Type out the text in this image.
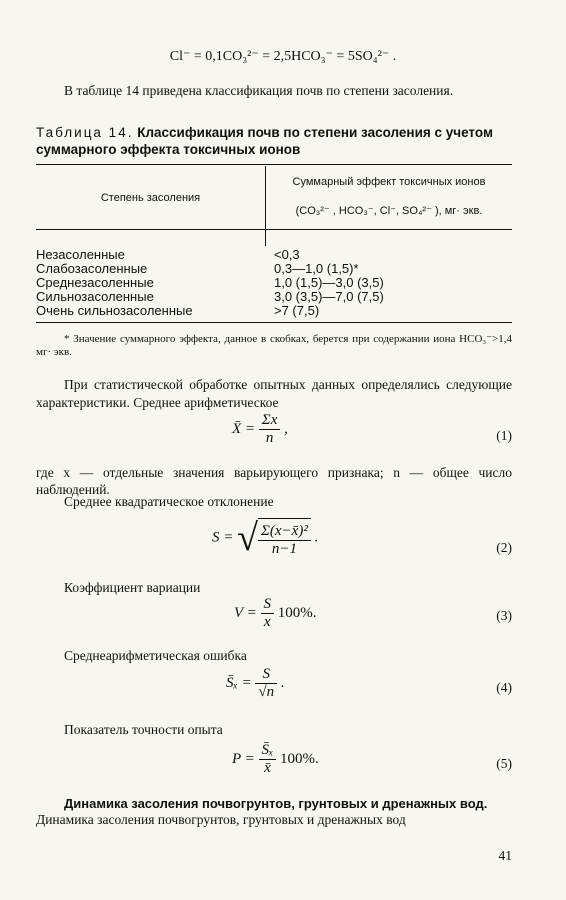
Cl⁻ = 0,1CO₃²⁻ = 2,5HCO₃⁻ = 5SO₄²⁻ .
В таблице 14 приведена классификация почв по степени засоления.
Таблица 14. Классификация почв по степени засоления с учетом суммарного эффекта токсичных ионов
Степень засоления
Суммарный эффект токсичных ионов
(CO₃²⁻ , HCO₃⁻, Cl⁻, SO₄²⁻ ), мг· экв.
Незасоленные	<0,3
Слабозасоленные	0,3—1,0 (1,5)*
Среднезасоленные	1,0 (1,5)—3,0 (3,5)
Сильнозасоленные	3,0 (3,5)—7,0 (7,5)
Очень сильнозасоленные	>7 (7,5)
* Значение суммарного эффекта, данное в скобках, берется при содержании иона HCO₃⁻>1,4 мг· экв.
При статистической обработке опытных данных определялись следующие характеристики. Среднее арифметическое
X̄ = $\frac{\Sigma x}{n}$ ,	(1)
где x — отдельные значения варьирующего признака; n — общее число наблюдений.
Среднее квадратическое отклонение
S = √ $\frac{\text{Σ(x−x̄)²}}{n-1}$ .
(2)
Коэффициент вариации
$V = \frac{S}{x} 100\%$.	(3)
Среднеарифметическая ошибка
S̄ₓ = $\frac{S}{√n}$ .	(4)
Показатель точности опыта
$P = \frac{\text{S̄ₓ}}{x̄} 100\%$.	(5)
Динамика засоления почвогрунтов, грунтовых и дренажных вод.
Динамика засоления почвогрунтов, грунтовых и дренажных вод
41
